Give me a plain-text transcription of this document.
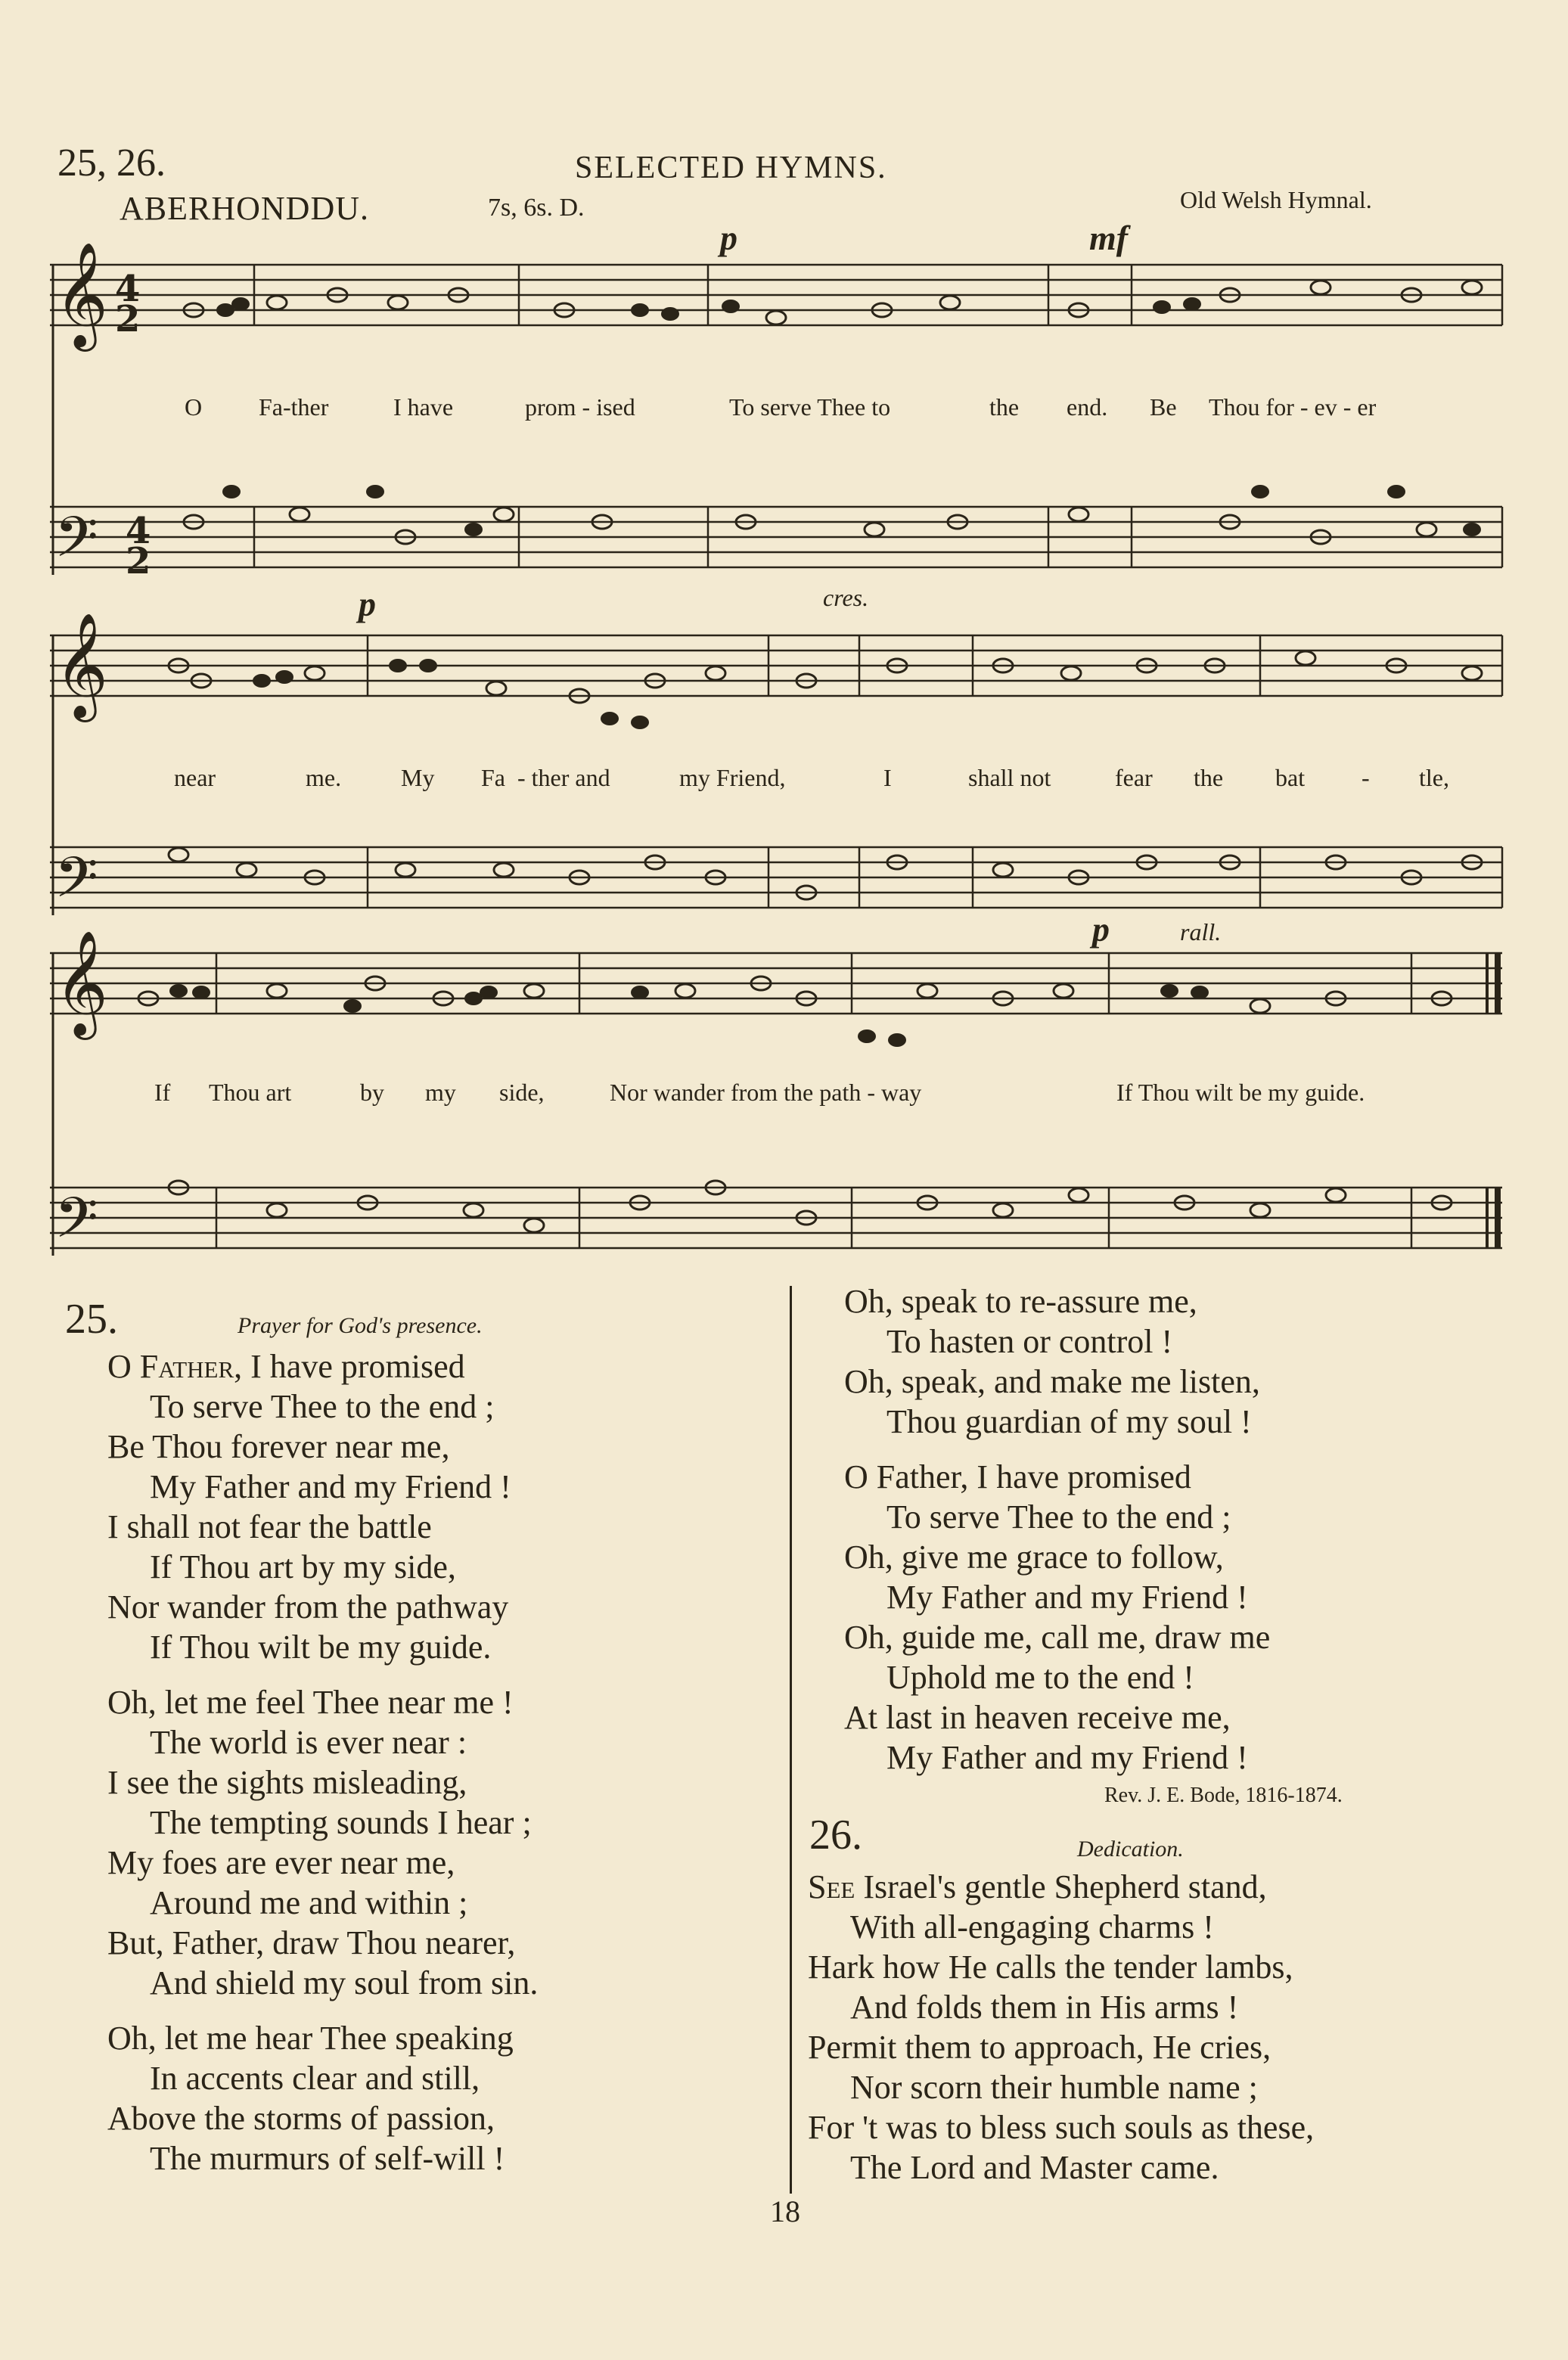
25, 26.	SELECTED HYMNS.
ABERHONDDU.	7s, 6s. D.	Old Welsh Hymnal.
𝄞
𝄢
4
2
4
2
p	mf
O Fa-ther	I have	prom - ised	To serve Thee to	the end. Be Thou for - ev - er
𝄞
𝄢
p	cres.
near	me. My Fa - ther and	my Friend,	I	shall not	fear the bat - tle,
𝄞
𝄢
p	rall.
If Thou art	by my side,	Nor wander from the path - way	If Thou wilt be my guide.
25.	Prayer for God's presence.
O Father, I have promised
To serve Thee to the end ;
Be Thou forever near me,
My Father and my Friend !
I shall not fear the battle
If Thou art by my side,
Nor wander from the pathway
If Thou wilt be my guide.
Oh, let me feel Thee near me !
The world is ever near :
I see the sights misleading,
The tempting sounds I hear ;
My foes are ever near me,
Around me and within ;
But, Father, draw Thou nearer,
And shield my soul from sin.
Oh, let me hear Thee speaking
In accents clear and still,
Above the storms of passion,
The murmurs of self-will !
Oh, speak to re-assure me,
To hasten or control !
Oh, speak, and make me listen,
Thou guardian of my soul !
O Father, I have promised
To serve Thee to the end ;
Oh, give me grace to follow,
My Father and my Friend !
Oh, guide me, call me, draw me
Uphold me to the end !
At last in heaven receive me,
My Father and my Friend !
Rev. J. E. Bode, 1816-1874.
26.	Dedication.
See Israel's gentle Shepherd stand,
With all-engaging charms !
Hark how He calls the tender lambs,
And folds them in His arms !
Permit them to approach, He cries,
Nor scorn their humble name ;
For 't was to bless such souls as these,
The Lord and Master came.
18
